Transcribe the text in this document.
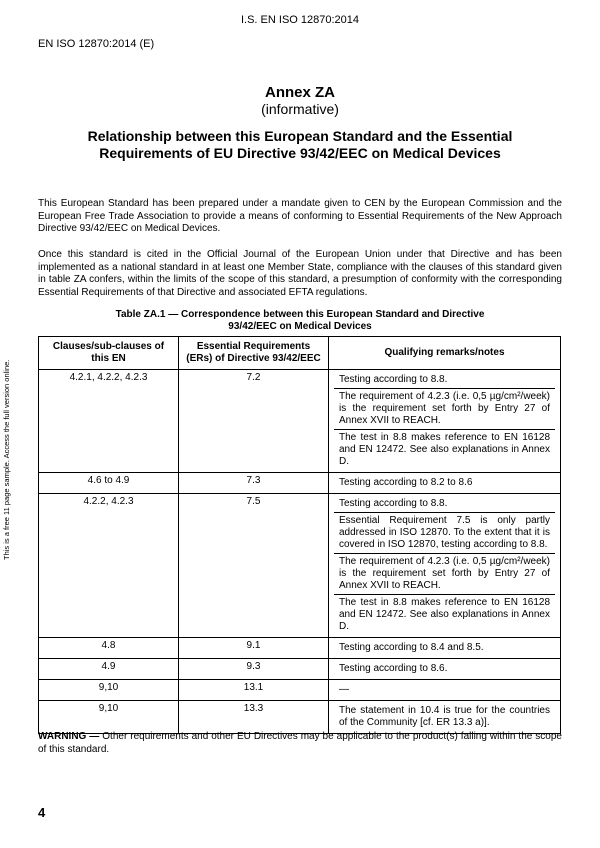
I.S. EN ISO 12870:2014
EN ISO 12870:2014 (E)
This is a free 11 page sample. Access the full version online.
Annex ZA
(informative)
Relationship between this European Standard and the Essential Requirements of EU Directive 93/42/EEC on Medical Devices
This European Standard has been prepared under a mandate given to CEN by the European Commission and the European Free Trade Association to provide a means of conforming to Essential Requirements of the New Approach Directive 93/42/EEC on Medical Devices.
Once this standard is cited in the Official Journal of the European Union under that Directive and has been implemented as a national standard in at least one Member State, compliance with the clauses of this standard given in table ZA confers, within the limits of the scope of this standard, a presumption of conformity with the corresponding Essential Requirements of that Directive and associated EFTA regulations.
Table ZA.1 — Correspondence between this European Standard and Directive 93/42/EEC on Medical Devices
Clauses/sub-clauses of this EN	Essential Requirements (ERs) of Directive 93/42/EEC	Qualifying remarks/notes
4.2.1, 4.2.2, 4.2.3	7.2	Testing according to 8.8.
The requirement of 4.2.3 (i.e. 0,5 µg/cm²/week) is the requirement set forth by Entry 27 of Annex XVII to REACH.
The test in 8.8 makes reference to EN 16128 and EN 12472. See also explanations in Annex D.

4.6 to 4.9	7.3	Testing according to 8.2 to 8.6

4.2.2, 4.2.3	7.5	Testing according to 8.8.
Essential Requirement 7.5 is only partly addressed in ISO 12870. To the extent that it is covered in ISO 12870, testing according to 8.8.
The requirement of 4.2.3 (i.e. 0,5 µg/cm²/week) is the requirement set forth by Entry 27 of Annex XVII to REACH.
The test in 8.8 makes reference to EN 16128 and EN 12472. See also explanations in Annex D.

4.8	9.1	Testing according to 8.4 and 8.5.

4.9	9.3	Testing according to 8.6.

9,10	13.1	—

9,10	13.3	The statement in 10.4 is true for the countries of the Community [cf. ER 13.3 a)].
WARNING — Other requirements and other EU Directives may be applicable to the product(s) falling within the scope of this standard.
4
